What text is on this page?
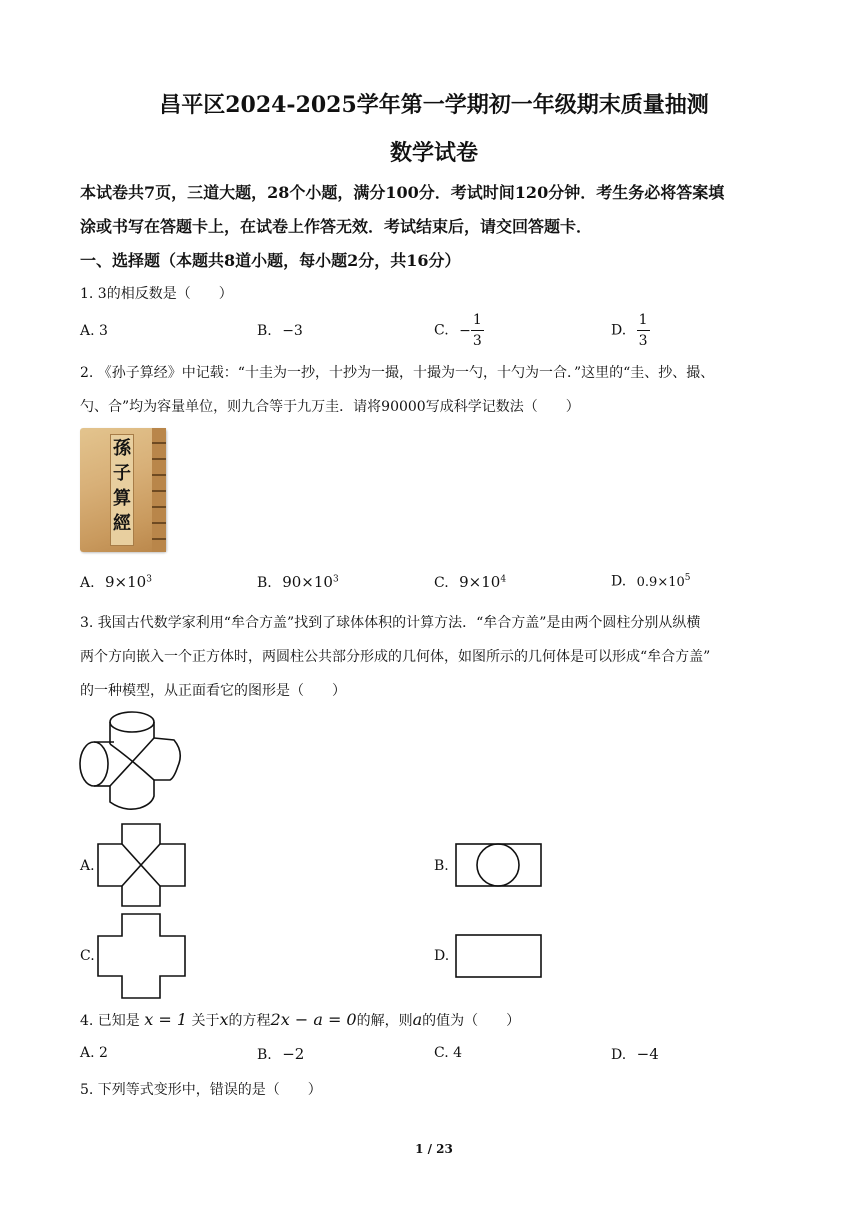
昌平区2024-2025学年第一学期初一年级期末质量抽测
数学试卷
本试卷共7页，三道大题，28个小题，满分100分．考试时间120分钟．考生务必将答案填
涂或书写在答题卡上，在试卷上作答无效．考试结束后，请交回答题卡．
一、选择题（本题共8道小题，每小题2分，共16分）
1. 3的相反数是（　　）
A. 3	B. −3	C. − $\frac{1}{3}$	D. $\frac{1}{3}$
2. 《孙子算经》中记载：“十圭为一抄，十抄为一撮，十撮为一勺，十勺为一合．”这里的“圭、抄、撮、
勺、合”均为容量单位，则九合等于九万圭．请将90000写成科学记数法（　　）
孫子算經
A. $9\times 10^3$	B. $90\times 10^3$	C. $9\times 10^4$	D. $0.9\times 10^5$
3. 我国古代数学家利用“牟合方盖”找到了球体体积的计算方法．“牟合方盖”是由两个圆柱分别从纵横
两个方向嵌入一个正方体时，两圆柱公共部分形成的几何体，如图所示的几何体是可以形成“牟合方盖”
的一种模型，从正面看它的图形是（　　）
A.	B.
C.	D.
4. 已知是 x = 1 关于x的方程2x − a = 0的解，则a的值为（　　）
A. 2	B. −2	C. 4	D. −4
5. 下列等式变形中，错误的是（　　）
1 / 23
